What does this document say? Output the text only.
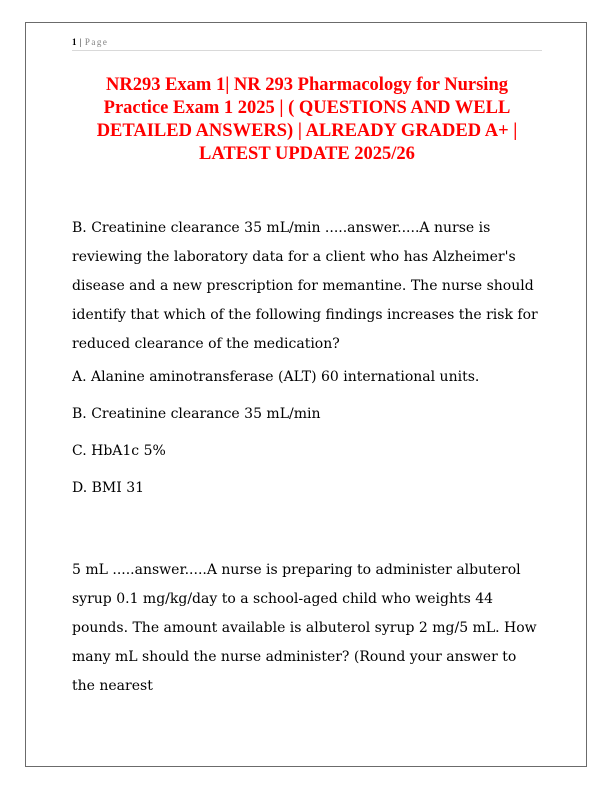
1 | Page
NR293 Exam 1| NR 293 Pharmacology for Nursing Practice Exam 1 2025 | ( QUESTIONS AND WELL DETAILED ANSWERS) | ALREADY GRADED A+ | LATEST UPDATE 2025/26

B. Creatinine clearance 35 mL/min .....answer.....A nurse is reviewing the laboratory data for a client who has Alzheimer's disease and a new prescription for memantine. The nurse should identify that which of the following findings increases the risk for reduced clearance of the medication?

A. Alanine aminotransferase (ALT) 60 international units.

B. Creatinine clearance 35 mL/min

C. HbA1c 5%

D. BMI 31

5 mL .....answer.....A nurse is preparing to administer albuterol syrup 0.1 mg/kg/day to a school-aged child who weights 44 pounds. The amount available is albuterol syrup 2 mg/5 mL. How many mL should the nurse administer? (Round your answer to the nearest
